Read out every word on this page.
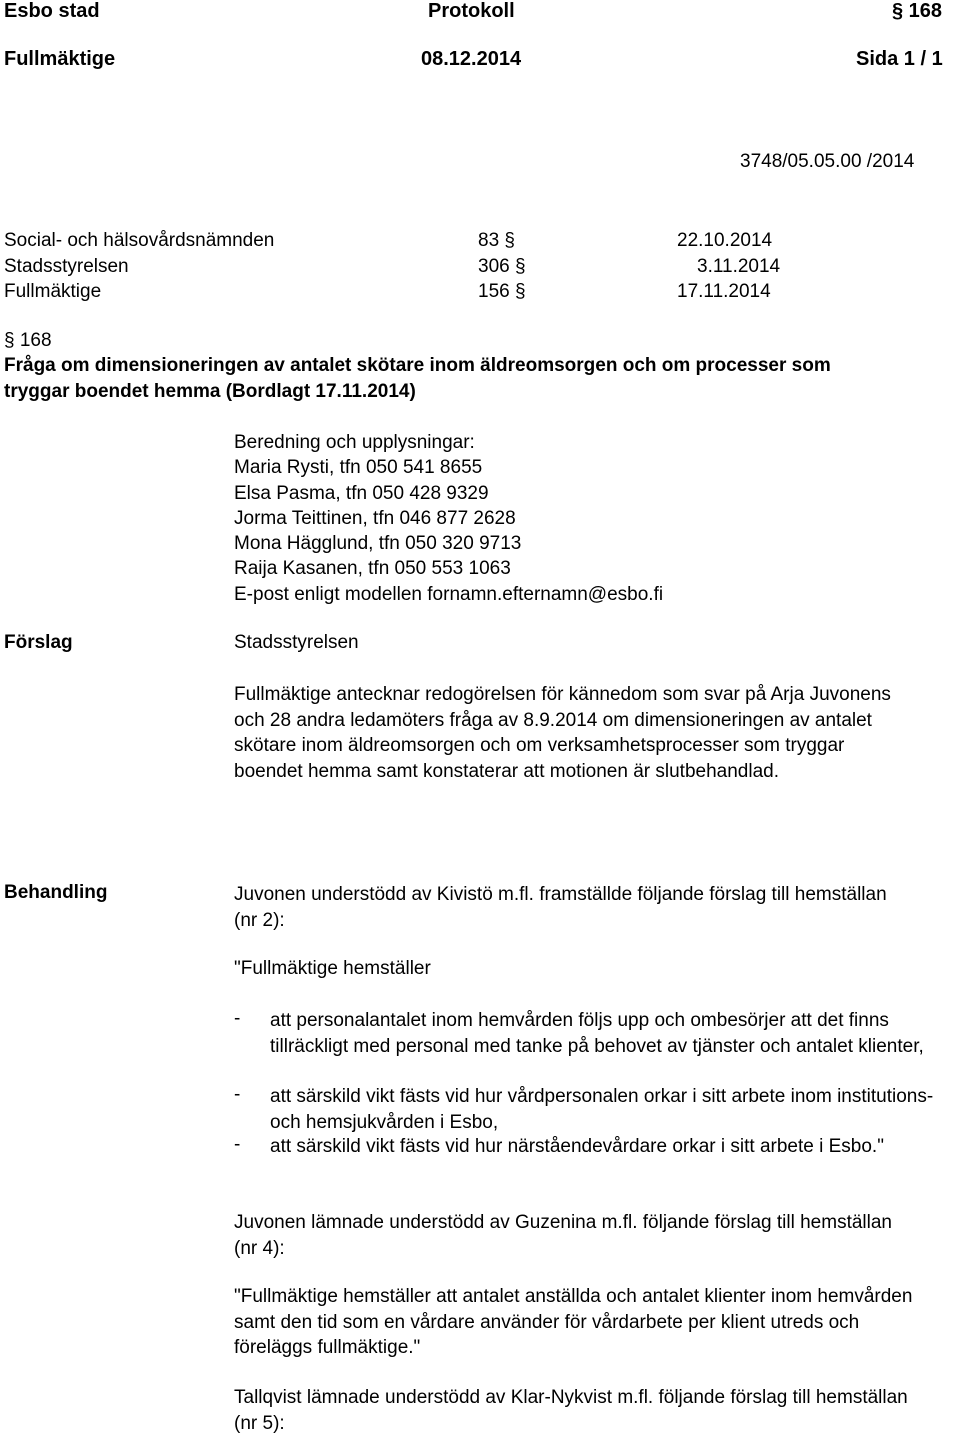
Esbo stad	Protokoll	§ 168
Fullmäktige	08.12.2014	Sida 1 / 1
3748/05.05.00 /2014
Social- och hälsovårdsnämnden	83 §	22.10.2014
Stadsstyrelsen	306 §	3.11.2014
Fullmäktige	156 §	17.11.2014
§ 168
Fråga om dimensioneringen av antalet skötare inom äldreomsorgen och om processer som
tryggar boendet hemma (Bordlagt 17.11.2014)
Beredning och upplysningar:
Maria Rysti, tfn 050 541 8655
Elsa Pasma, tfn 050 428 9329
Jorma Teittinen, tfn 046 877 2628
Mona Hägglund, tfn 050 320 9713
Raija Kasanen, tfn 050 553 1063
E-post enligt modellen fornamn.efternamn@esbo.fi
Förslag	Stadsstyrelsen
Fullmäktige antecknar redogörelsen för kännedom som svar på Arja Juvonens och 28 andra ledamöters fråga av 8.9.2014 om dimensioneringen av antalet skötare inom äldreomsorgen och om verksamhetsprocesser som tryggar boendet hemma samt konstaterar att motionen är slutbehandlad.
Behandling	Juvonen understödd av Kivistö m.fl. framställde följande förslag till hemställan (nr 2):
"Fullmäktige hemställer
- att personalantalet inom hemvården följs upp och ombesörjer att det finns tillräckligt med personal med tanke på behovet av tjänster och antalet klienter,
- att särskild vikt fästs vid hur vårdpersonalen orkar i sitt arbete inom institutions- och hemsjukvården i Esbo,
- att särskild vikt fästs vid hur närståendevårdare orkar i sitt arbete i Esbo."
Juvonen lämnade understödd av Guzenina m.fl. följande förslag till hemställan (nr 4):
"Fullmäktige hemställer att antalet anställda och antalet klienter inom hemvården samt den tid som en vårdare använder för vårdarbete per klient utreds och föreläggs fullmäktige."
Tallqvist lämnade understödd av Klar-Nykvist m.fl. följande förslag till hemställan (nr 5):
